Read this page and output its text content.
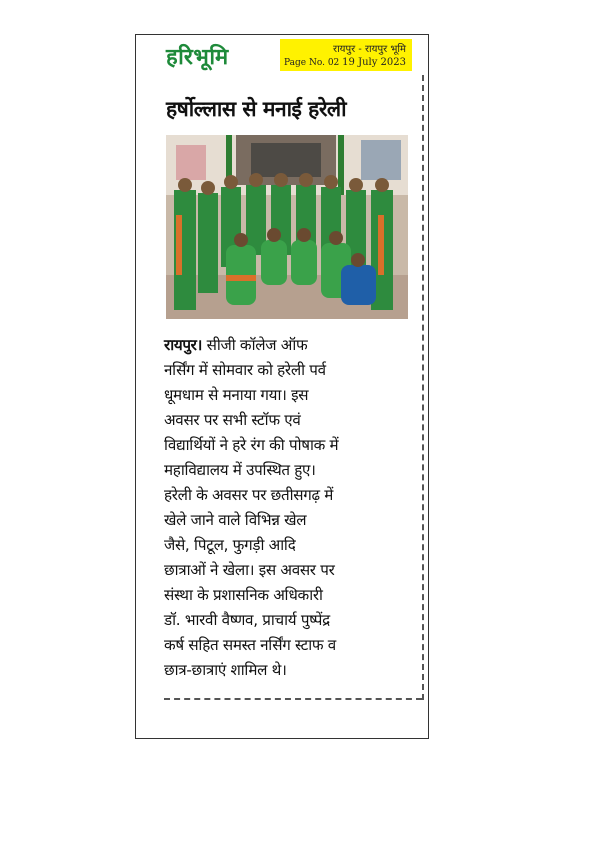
हरिभूमि	रायपुर - रायपुर भूमि
Page No. 02 19 July 2023
हर्षोल्लास से मनाई हरेली
रायपुर। सीजी कॉलेज ऑफ
नर्सिंग में सोमवार को हरेली पर्व
धूमधाम से मनाया गया। इस
अवसर पर सभी स्टॉफ एवं
विद्यार्थियों ने हरे रंग की पोषाक में
महाविद्यालय में उपस्थित हुए।
हरेली के अवसर पर छतीसगढ़ में
खेले जाने वाले विभिन्न खेल
जैसे, पिटूल, फुगड़ी आदि
छात्राओं ने खेला। इस अवसर पर
संस्था के प्रशासनिक अधिकारी
डॉ. भारवी वैष्णव, प्राचार्य पुष्पेंद्र
कर्ष सहित समस्त नर्सिंग स्टाफ व
छात्र-छात्राएं शामिल थे।
